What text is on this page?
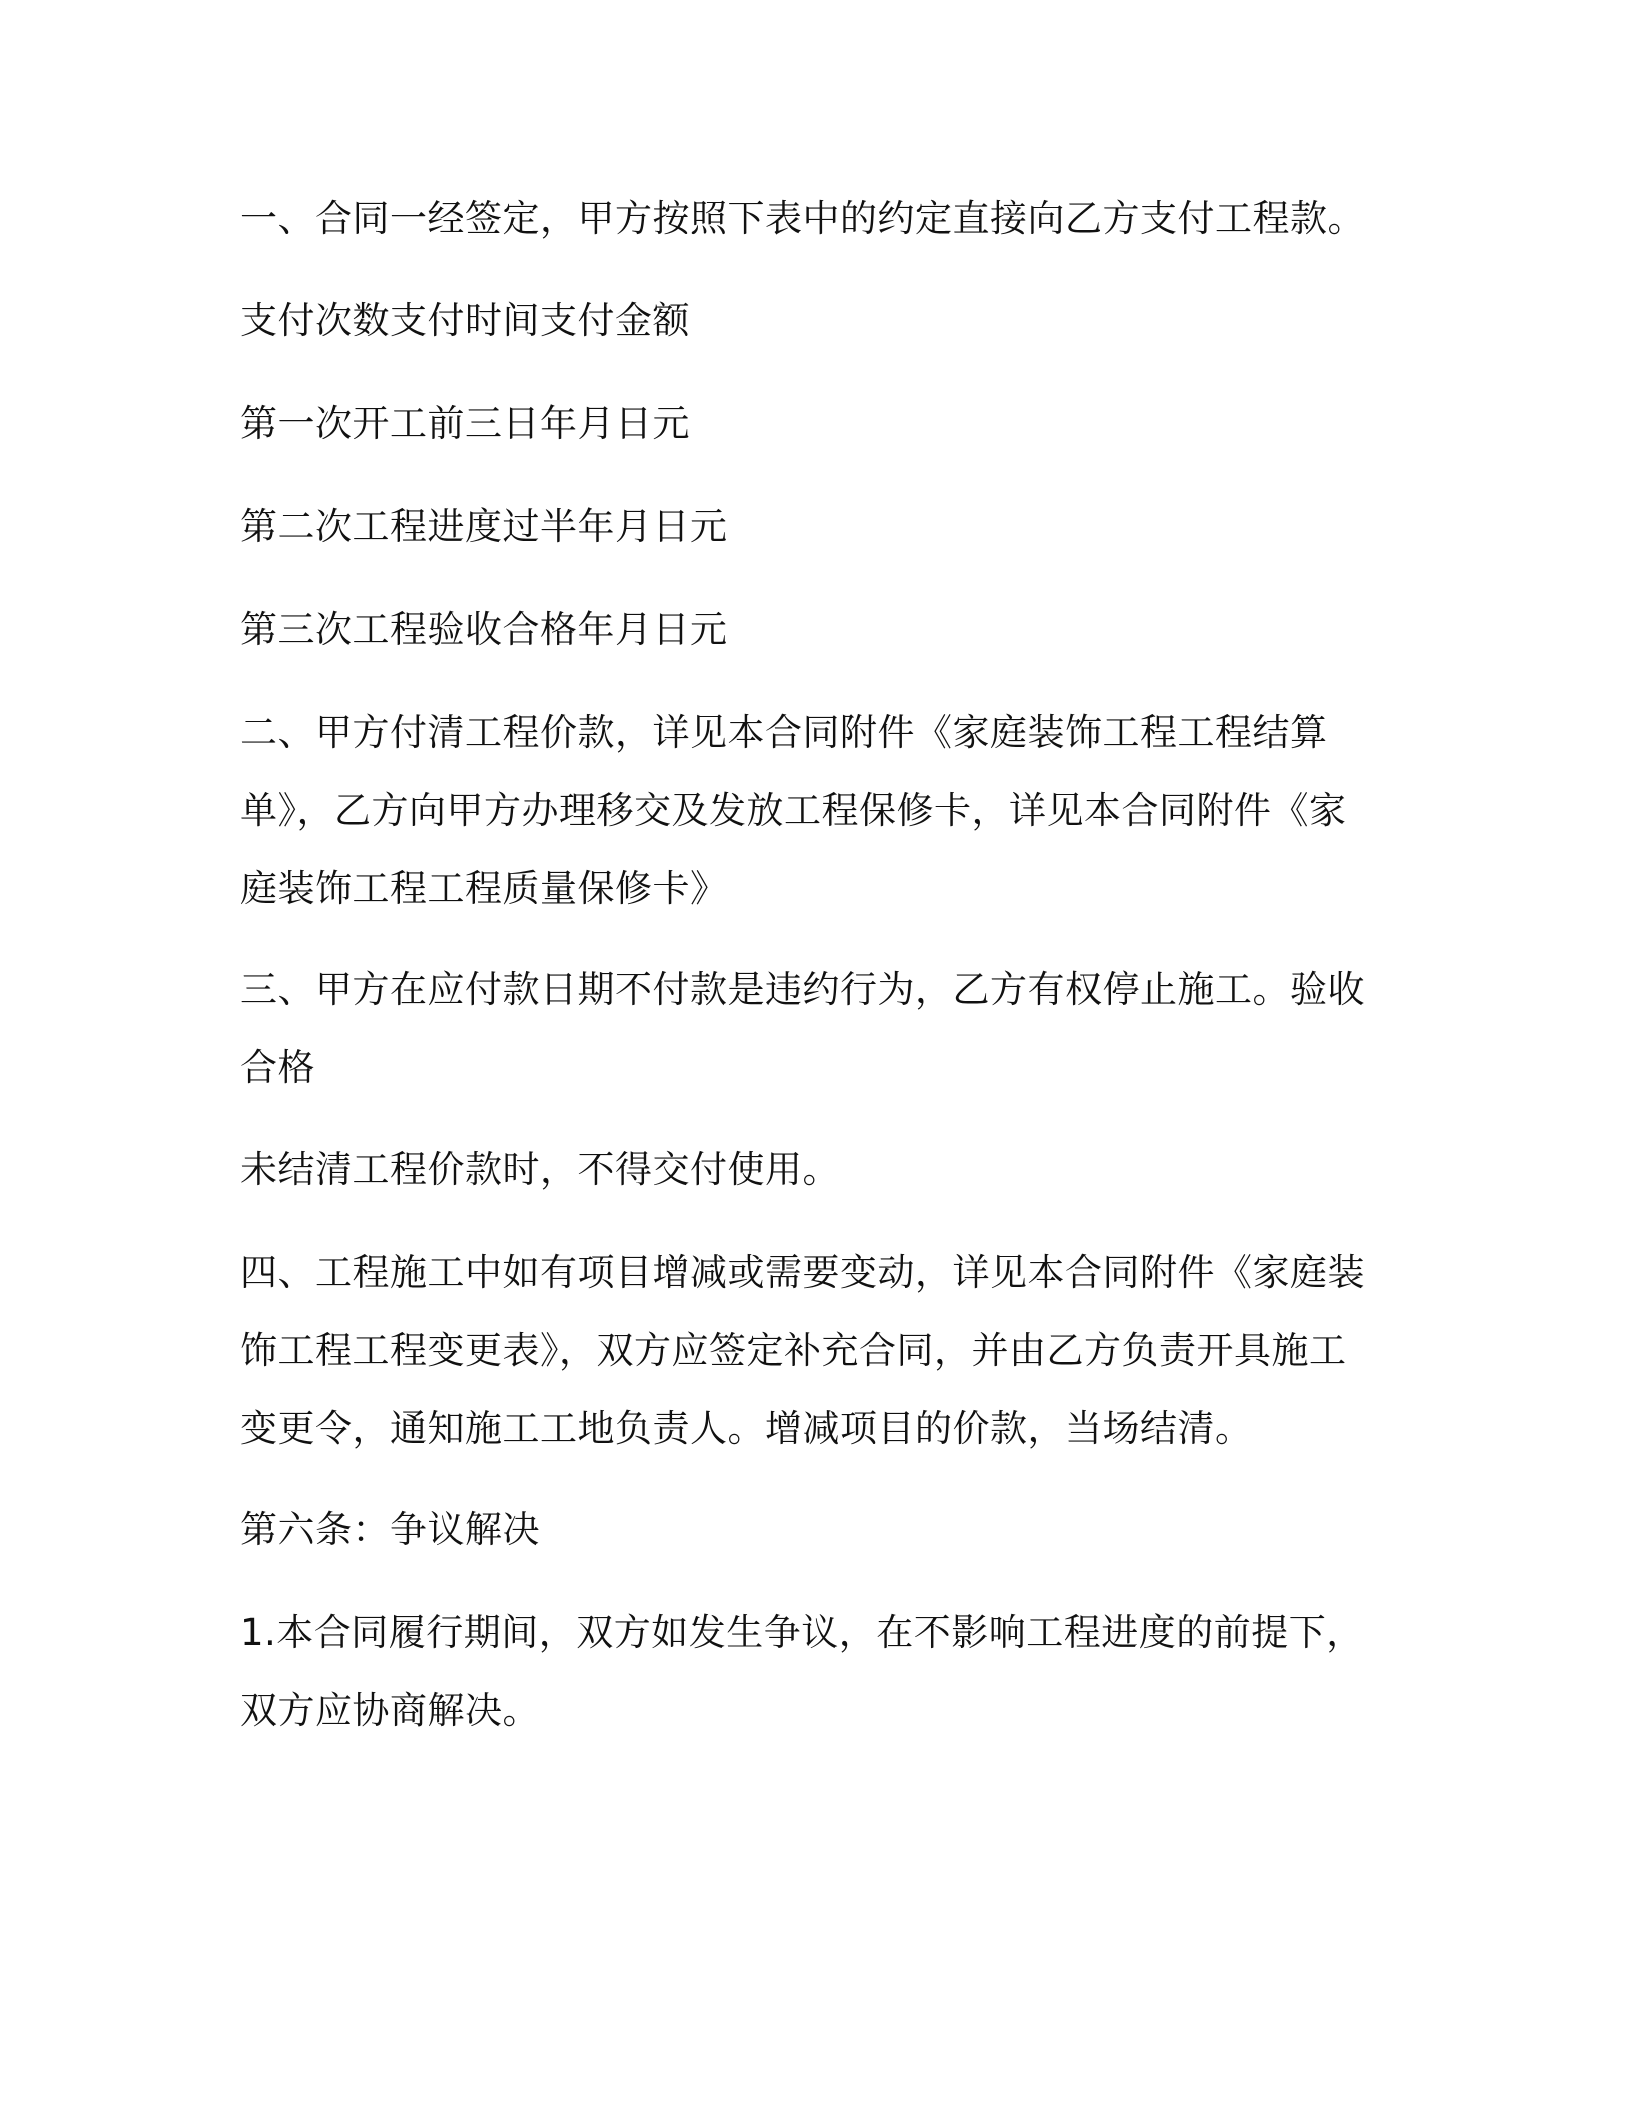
一、合同一经签定，甲方按照下表中的约定直接向乙方支付工程款。

支付次数支付时间支付金额

第一次开工前三日年月日元

第二次工程进度过半年月日元

第三次工程验收合格年月日元

二、甲方付清工程价款，详见本合同附件《家庭装饰工程工程结算
单》，乙方向甲方办理移交及发放工程保修卡，详见本合同附件《家
庭装饰工程工程质量保修卡》

三、甲方在应付款日期不付款是违约行为，乙方有权停止施工。验收
合格

未结清工程价款时，不得交付使用。

四、工程施工中如有项目增减或需要变动，详见本合同附件《家庭装
饰工程工程变更表》，双方应签定补充合同，并由乙方负责开具施工
变更令，通知施工工地负责人。增减项目的价款，当场结清。

第六条：争议解决

1.本合同履行期间，双方如发生争议，在不影响工程进度的前提下，
双方应协商解决。
